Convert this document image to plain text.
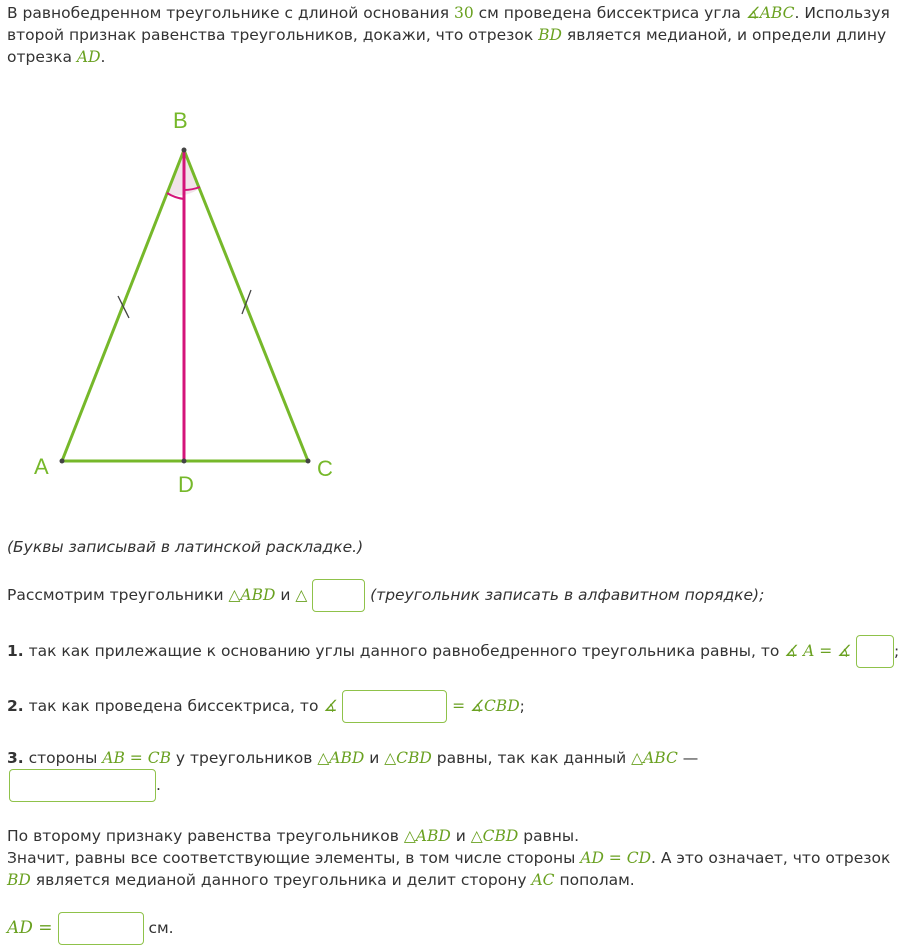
В равнобедренном треугольнике с длиной основания 30 см проведена биссектриса угла ∡ABC. Используя
второй признак равенства треугольников, докажи, что отрезок BD является медианой, и определи длину
отрезка AD.
B
A	C
D
(Буквы записывай в латинской раскладке.)
Рассмотрим треугольники △ABD и △	(треугольник записать в алфавитном порядке);
1. так как прилежащие к основанию углы данного равнобедренного треугольника равны, то ∡ A = ∡	;
2. так как проведена биссектриса, то ∡	= ∡CBD;
3. стороны AB = CB у треугольников △ABD и △CBD равны, так как данный △ABC —
.
По второму признаку равенства треугольников △ABD и △CBD равны.
Значит, равны все соответствующие элементы, в том числе стороны AD = CD. А это означает, что отрезок
BD является медианой данного треугольника и делит сторону AC пополам.
AD =	см.
